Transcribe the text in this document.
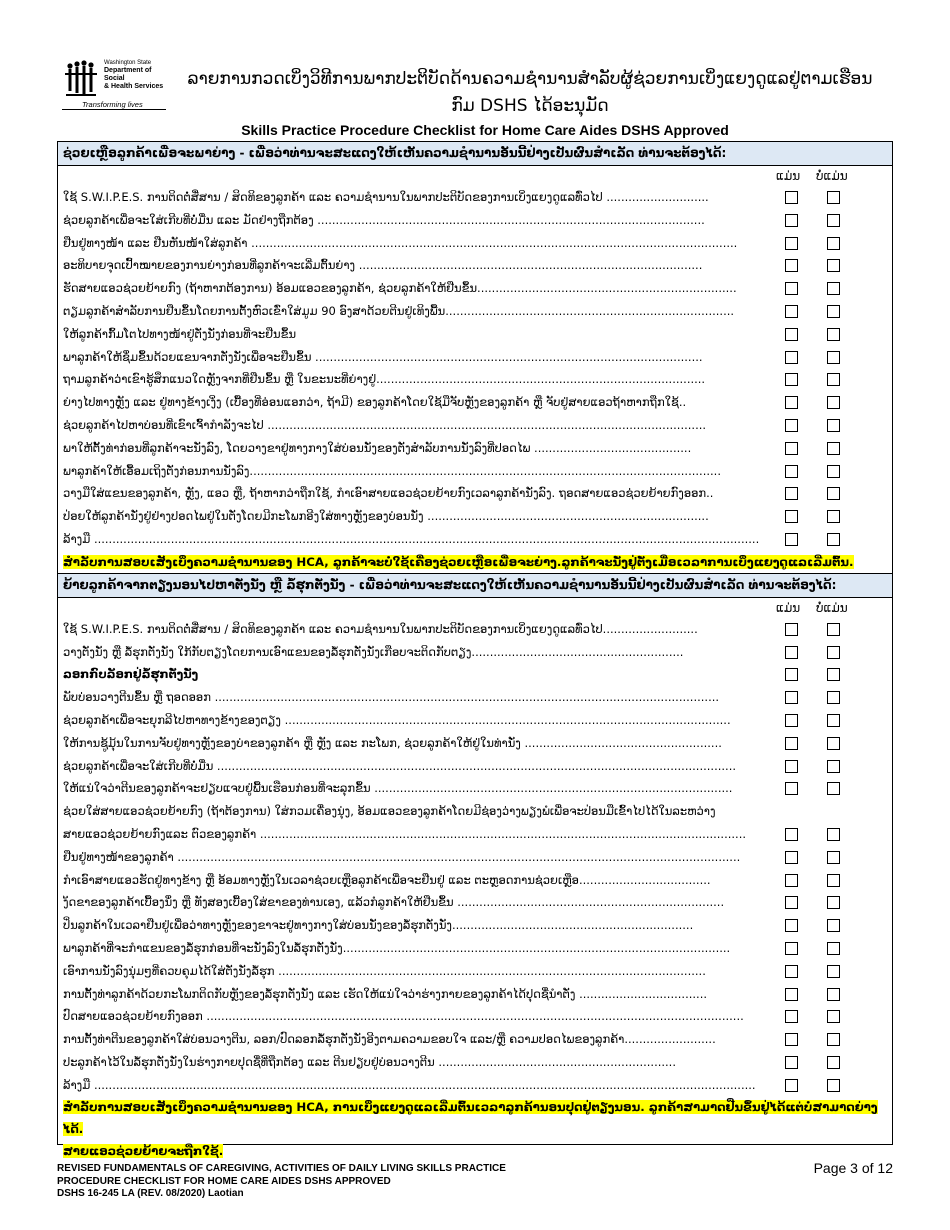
Washington State
Department of Social
& Health Services
Transforming lives
ລາຍການກວດເບິ່ງວິທີການພາກປະຕິບັດດ້ານຄວາມຊຳນານສຳລັບຜູ້ຊ່ວຍການເບິ່ງແຍງດູແລຢູ່ຕາມເຮືອນ
ກົມ DSHS ໄດ້ອະນຸມັດ
Skills Practice Procedure Checklist for Home Care Aides DSHS Approved
ຊ່ວຍເຫຼືອລູກຄ້າເພື່ອຈະພາຍ່າງ - ເພື່ອວ່າທ່ານຈະສະແດງໃຫ້ເຫັນຄວາມຊຳນານອັນນີ້ຢ່າງເປັນຜົນສຳເລັດ ທ່ານຈະຕ້ອງໄດ້:
ແມ່ນ ບໍ່ແມ່ນ
ໃຊ້ S.W.I.P.E.S. ການຕິດຕໍ່ສື່ສານ / ສິດທິຂອງລູກຄ້າ ແລະ ຄວາມຊຳນານໃນພາກປະຕິບັດຂອງການເບິ່ງແຍງດູແລທົ່ວໄປ ............................
ຊ່ວຍລູກຄ້າເພື່ອຈະໃສ່ເກີບທີ່ບໍ່ມື່ນ ແລະ ມັດຢ່າງຖືກຕ້ອງ ..........................................................................................................
ຢືນຢູ່ທາງໜ້າ ແລະ ຢືນຫັນໜ້າໃສ່ລູກຄ້າ .....................................................................................................................................
ອະທິບາຍຈຸດເປົ້າໝາຍຂອງການຍ່າງກ່ອນທີ່ລູກຄ້າຈະເລີ່ມຕົ້ນຍ່າງ ..............................................................................................
ຮັດສາຍແອວຊ່ວຍຍ້າຍກົງ (ຖ້າຫາກຕ້ອງການ) ອ້ອມແອວຂອງລູກຄ້າ, ຊ່ວຍລູກຄ້າໃຫ້ຢືນຂຶ້ນ.......................................................................
ຕຽມລູກຄ້າສຳລັບການຢືນຂຶ້ນໂດຍການຕັ້ງຫົວເຂົ່າໃສ່ມູມ 90 ອົງສາດ້ວຍຕີນຢູ່ເທິງພື້ນ...............................................................................
ໃຫ້ລູກຄ້າກົ້ມໂຕໄປທາງໜ້າຢູ່ຕັ່ງນັ່ງກ່ອນທີ່ຈະຢືນຂຶ້ນ
ພາລູກຄ້າໃຫ້ຊຶ່ມຂຶ້ນດ້ວຍແຂນຈາກຕັ່ງນັ່ງເພື່ອຈະຢືນຂຶ້ນ ..........................................................................................................
ຖາມລູກຄ້າວ່າເຂົາຮູ້ສຶກແນວໃດຫຼັງຈາກທີ່ຢືນຂຶ້ນ ຫຼື ໃນຂະນະທີ່ຍ່າງຢູ່..........................................................................................
ຍ່າງໄປທາງຫຼັງ ແລະ ຢູ່ທາງຂ້າງເງິ່ງ (ເບື້ອງທີ່ອ່ອນແອກວ່າ, ຖ້າມີ) ຂອງລູກຄ້າໂດຍໃຊ້ມືຈັບຫຼັງຂອງລູກຄ້າ ຫຼື ຈັບຢູ່ສາຍແອວຖ້າຫາກຖືກໃຊ້..
ຊ່ວຍລູກຄ້າໄປຫາບ່ອນທີ່ເຂົາເຈົ້າກຳລັງຈະໄປ ........................................................................................................................
ພາໃຫ້ຕັ້ງທ່າກ່ອນທີ່ລູກຄ້າຈະນັ່ງລົງ, ໂດຍວາງຂາຢູ່ທາງກາງໃສ່ບ່ອນນັ່ງຂອງຕັ່ງສຳລັບການນັ່ງລົງທີ່ປອດໄພ ...........................................
ພາລູກຄ້າໃຫ້ເອື້ອມເຖິງຕັ່ງກ່ອນການນັ່ງລົງ.................................................................................................................................
ວາງມືໃສ່ແຂນຂອງລູກຄ້າ, ຫຼັງ, ແອວ ຫຼື, ຖ້າຫາກວ່າຖືກໃຊ້, ກຳເອົາສາຍແອວຊ່ວຍຍ້າຍກົງເວລາລູກຄ້ານັ່ງລົງ. ຖອດສາຍແອວຊ່ວຍຍ້າຍກົງອອກ..
ປ່ອຍໃຫ້ລູກຄ້ານັ່ງຢູ່ຢ່າງປອດໄພຢູ່ໃນຕັ່ງໂດຍມີກະໂພກອີງໃສ່ທາງຫຼັງຂອງບ່ອນນັ່ງ .............................................................................
ລ້າງມື ......................................................................................................................................................................................
ສຳລັບການສອບເສັງເບິ່ງຄວາມຊຳນານຂອງ HCA, ລູກຄ້າຈະບໍ່ໃຊ້ເຄື່ອງຊ່ວຍເຫຼືອເພື່ອຈະຍ່າງ.ລູກຄ້າຈະນັ່ງຢູ່ຕັ່ງເມື່ອເວລາການເບິ່ງແຍງດູແລເລີ່ມຕົ້ນ.
ຍ້າຍລູກຄ້າຈາກຕຽງນອນໄປຫາຕັ່ງນັ່ງ ຫຼື ລໍ້ຮຸກຕັ່ງນັ່ງ - ເພື່ອວ່າທ່ານຈະສະແດງໃຫ້ເຫັນຄວາມຊຳນານອັນນີ້ຢ່າງເປັນຜົນສຳເລັດ ທ່ານຈະຕ້ອງໄດ້:
ແມ່ນ ບໍ່ແມ່ນ
ໃຊ້ S.W.I.P.E.S. ການຕິດຕໍ່ສື່ສານ / ສິດທິຂອງລູກຄ້າ ແລະ ຄວາມຊຳນານໃນພາກປະຕິບັດຂອງການເບິ່ງແຍງດູແລທົ່ວໄປ..........................
ວາງຕັ່ງນັ່ງ ຫຼື ລໍ້ຮຸກຕັ່ງນັ່ງ ໃກ້ກັບຕຽງໂດຍການເອົາແຂນຂອງລໍ້ຮຸກຕັ່ງນັ່ງເກືອບຈະຕິດກັບຕຽງ..........................................................
ລອກກົບລັອກຢູ່ລໍ້ຮຸກຕັ່ງນັ່ງ
ພັບບ່ອນວາງຕີນຂຶ້ນ ຫຼື ຖອດອອກ ..........................................................................................................................................
ຊ່ວຍລູກຄ້າເພື່ອຈະຍຸກລີໄປຫາທາງຂ້າງຂອງຕຽງ ..........................................................................................................................
ໃຫ້ການຊູ້ມຸ້ນໃນການຈັບຢູ່ທາງຫຼັງຂອງບ່າຂອງລູກຄ້າ ຫຼື ຫຼັງ ແລະ ກະໂພກ, ຊ່ວຍລູກຄ້າໃຫ້ຢູ່ໃນທ່ານັ່ງ ......................................................
ຊ່ວຍລູກຄ້າເພື່ອຈະໃສ່ເກີບທີ່ບໍ່ມື່ນ ..............................................................................................................................................
ໃຫ້ແນ່ໃຈວ່າຕີນຂອງລູກຄ້າຈະຢຽບແຈບຢູ່ພື້ນເຮືອນກ່ອນທີ່ຈະລຸກຂຶ້ນ ..................................................................................................
ຊ່ວຍໃສ່ສາຍແອວຊ່ວຍຍ້າຍກົງ (ຖ້າຕ້ອງການ) ໃສ່ກວມເຄື່ອງນຸ່ງ, ອ້ອມແອວຂອງລູກຄ້າໂດຍມີຊ່ອງວ່າງພຽງພໍເພື່ອຈະປ່ອນມືເຂົ້າໄປໄດ້ໃນລະຫວ່າງ
ສາຍແອວຊ່ວຍຍ້າຍກົງແລະ ຕົວຂອງລູກຄ້າ .....................................................................................................................................
ຢືນຢູ່ທາງໜ້າຂອງລູກຄ້າ ..........................................................................................................................................................
ກຳເອົາສາຍແອວຮັດຢູ່ທາງຂ້າງ ຫຼື ອ້ອມທາງຫຼັງໃນເວລາຊ່ວຍເຫຼືອລູກຄ້າເພື່ອຈະຢືນຢູ່ ແລະ ຕະຫຼອດການຊ່ວຍເຫຼືອ....................................
ງັດຂາຂອງລູກຄ້າເບື້ອງນຶ່ງ ຫຼື ທັງສອງເບື້ອງໃສ່ຂາຂອງທ່ານເອງ, ແລ້ວກໍລູກຄ້າໃຫ້ຢືນຂຶ້ນ .........................................................................
ປິ່ນລູກຄ້າໃນເວລາຢືນຢູ່ເພື່ອວ່າທາງຫຼັງຂອງຂາຈະຢູ່ທາງກາງໃສ່ບ່ອນນັ່ງຂອງລໍ້ຮຸກຕັ່ງນັ່ງ..................................................................
ພາລູກຄ້າທີ່ຈະກຳແຂນຂອງລໍ້ຮຸກກ່ອນທີ່ຈະນັ່ງລົງໃນລໍ້ຮຸກຕັ່ງນັ່ງ..........................................................................................................
ເອົາການນັ່ງລົງນຸ່ມໆທີ່ຄວບຄຸມໄດ້ໃສ່ຕັ່ງນັ່ງລໍ້ຮຸກ .....................................................................................................................
ການຕັ້ງທ່າລູກຄ້າດ້ວຍກະໂພກຕິດກັບຫຼັງຂອງລໍ້ຮຸກຕັ່ງນັ່ງ ແລະ ເຮັດໃຫ້ແນ່ໃຈວ່າຮ່າງກາຍຂອງລູກຄ້າໄດ້ປຸດຊື່ນຳຕັ່ງ ...................................
ປົດສາຍແອວຊ່ວຍຍ້າຍກົງອອກ ...................................................................................................................................................
ການຕັ້ງທ່າຕີນຂອງລູກຄ້າໃສ່ບ່ອນວາງຕີນ, ລອກ/ປົດລອກລໍ້ຮຸກຕັ່ງນັ່ງອີງຕາມຄວາມຂອບໃຈ ແລະ/ຫຼື ຄວາມປອດໄພຂອງລູກຄ້າ.........................
ປະລູກຄ້າໄວ້ໃນລໍ້ຮຸກຕັ່ງນັ່ງໃນຮ່າງກາຍປຸດຊື່ທີ່ຖືກຕ້ອງ ແລະ ຕີນຢຽບຢູ່ບ່ອນວາງຕີນ .................................................................
ລ້າງມື .....................................................................................................................................................................................
ສຳລັບການສອບເສັງເບິ່ງຄວາມຊຳນານຂອງ HCA, ການເບິ່ງແຍງດູແລເລີ່ມຕົ້ນເວລາລູກຄ້ານອນປຸດຢູ່ຕຽງນອນ. ລູກຄ້າສາມາດຢືນຂຶ້ນຢູ່ໄດ້ແຕ່ບໍ່ສາມາດຍ່າງໄດ້.
ສາຍແອວຊ່ວຍຍ້າຍຈະຖືກໃຊ້.
REVISED FUNDAMENTALS OF CAREGIVING, ACTIVITIES OF DAILY LIVING SKILLS PRACTICE
PROCEDURE CHECKLIST FOR HOME CARE AIDES DSHS APPROVED
DSHS 16-245 LA (REV. 08/2020) Laotian
Page 3 of 12
